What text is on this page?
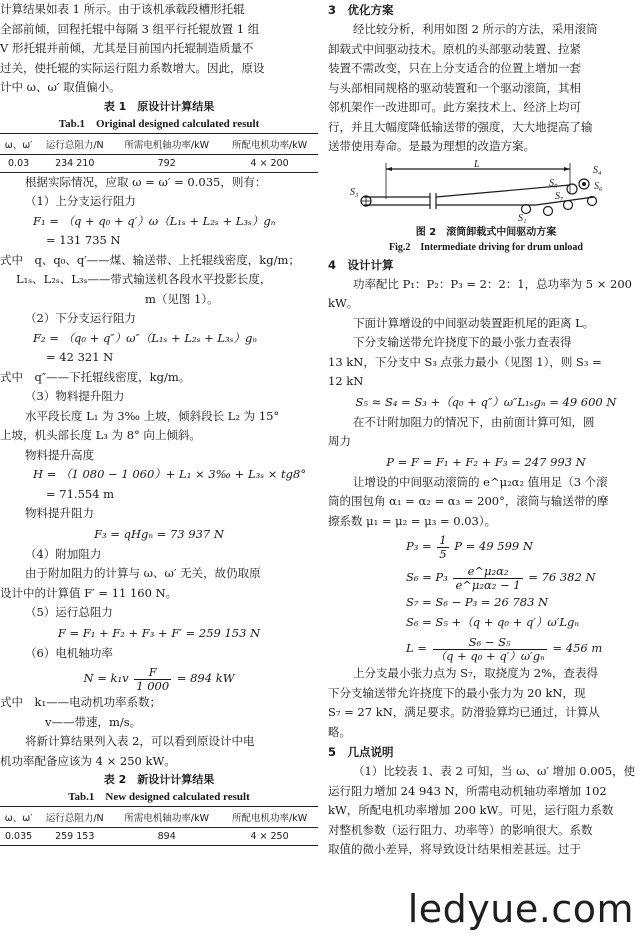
计算结果如表 1 所示。由于该机承载段槽形托辊

全部前倾，回程托辊中每隔 3 组平行托辊放置 1 组

V 形托辊并前倾，尤其是目前国内托辊制造质量不

过关，使托辊的实际运行阻力系数增大。因此，原设

计中 ω、ω′ 取值偏小。

表 1　原设计计算结果
Tab.1　Original designed calculated result
ω、ω′	运行总阻力/N	所需电机轴功率/kW	所配电机功率/kW
0.03	234 210	792	4 × 200

根据实际情况，应取 ω = ω′ = 0.035，则有：

（1）上分支运行阻力

F₁ = （q + q₀ + q′）ω（L₁ₛ + L₂ₛ + L₃ₛ）gₙ

= 131 735 N

式中　q、q₀、q′——煤、输送带、上托辊线密度，kg/m；

L₁ₛ、L₂ₛ、L₃ₛ——带式输送机各段水平投影长度，

m（见图 1）。

（2）下分支运行阻力

F₂ = （q₀ + q″）ω″（L₁ₛ + L₂ₛ + L₃ₛ）gₙ

= 42 321 N

式中　q″——下托辊线密度，kg/m。

（3）物料提升阻力

水平段长度 L₁ 为 3‰ 上坡，倾斜段长 L₂ 为 15°

上坡，机头部长度 L₃ 为 8° 向上倾斜。

物料提升高度

H = （1 080 − 1 060）+ L₁ × 3‰ + L₃ₛ × tg8°

= 71.554 m

物料提升阻力

F₃ = qHgₙ = 73 937 N

（4）附加阻力

由于附加阻力的计算与 ω、ω′ 无关，故仍取原

设计中的计算值 F′ = 11 160 N。

（5）运行总阻力

F = F₁ + F₂ + F₃ + F′ = 259 153 N

（6）电机轴功率

$N = k_1v \frac{F}{1 000} = 894$ kW

式中　k₁——电动机功率系数；

v——带速，m/s。

将新计算结果列入表 2，可以看到原设计中电

机功率配备应该为 4 × 250 kW。

表 2　新设计计算结果
Tab.1　New designed calculated result
ω、ω′	运行总阻力/N	所需电机轴功率/kW	所配电机功率/kW
0.035	259 153	894	4 × 250
3　优化方案

经比较分析，利用如图 2 所示的方法，采用滚筒

卸载式中间驱动技术。原机的头部驱动装置、拉紧

装置不需改变，只在上分支适合的位置上增加一套

与头部相同规格的驱动装置和一个驱动滚筒，其相

邻机架作一改进即可。此方案技术上、经济上均可

行，并且大幅度降低输送带的强度，大大地提高了输

送带使用寿命。是最为理想的改造方案。

L
S₃
S₄
S₅	S₆
S₇
S₁
图 2　滚筒卸载式中间驱动方案
Fig.2　Intermediate driving for drum unload
4　设计计算

功率配比 P₁：P₂：P₃ = 2：2：1，总功率为 5 × 200

kW。

下面计算增设的中间驱动装置距机尾的距离 L。

下分支输送带允许挠度下的最小张力查表得

13 kN，下分支中 S₃ 点张力最小（见图 1），则 S₃ =

12 kN

S₅ ≈ S₄ = S₃ +（q₀ + q″）ω″L₁ₛgₙ = 49 600 N

在不计附加阻力的情况下，由前面计算可知，圆

周力

P = F = F₁ + F₂ + F₃ = 247 993 N

让增设的中间驱动滚筒的 e^μ₂α₂ 值用足（3 个滚

筒的围包角 α₁ = α₂ = α₃ = 200°，滚筒与输送带的摩

擦系数 μ₁ = μ₂ = μ₃ = 0.03）。

$P_3 = \frac{1}{5}$ P = 49 599 N
$S_6 = P_3 \frac{\text{e\textasciicircum{}μ₂α₂}}{\text{e\textasciicircum{}μ₂α₂ − 1}} = 76$ 382 N

S₇ = S₆ − P₃ = 26 783 N

S₆ = S₅ +（q + q₀ + q′）ω′Lgₙ

$L = \frac{\text{S₆ − S₅}}{\text{（q + q₀ + q′）ω′gₙ}} = 456$ m

上分支最小张力点为 S₇，取挠度为 2%，查表得

下分支输送带允许挠度下的最小张力为 20 kN，现

S₇ = 27 kN，满足要求。防滑验算均已通过，计算从

略。

5　几点说明

（1）比较表 1、表 2 可知，当 ω、ω′ 增加 0.005，使

运行阻力增加 24 943 N，所需电动机轴功率增加 102

kW，所配电机功率增加 200 kW。可见，运行阻力系数

对整机参数（运行阻力、功率等）的影响很大。系数

取值的微小差异，将导致设计结果相差甚远。过于

ledyue.com
